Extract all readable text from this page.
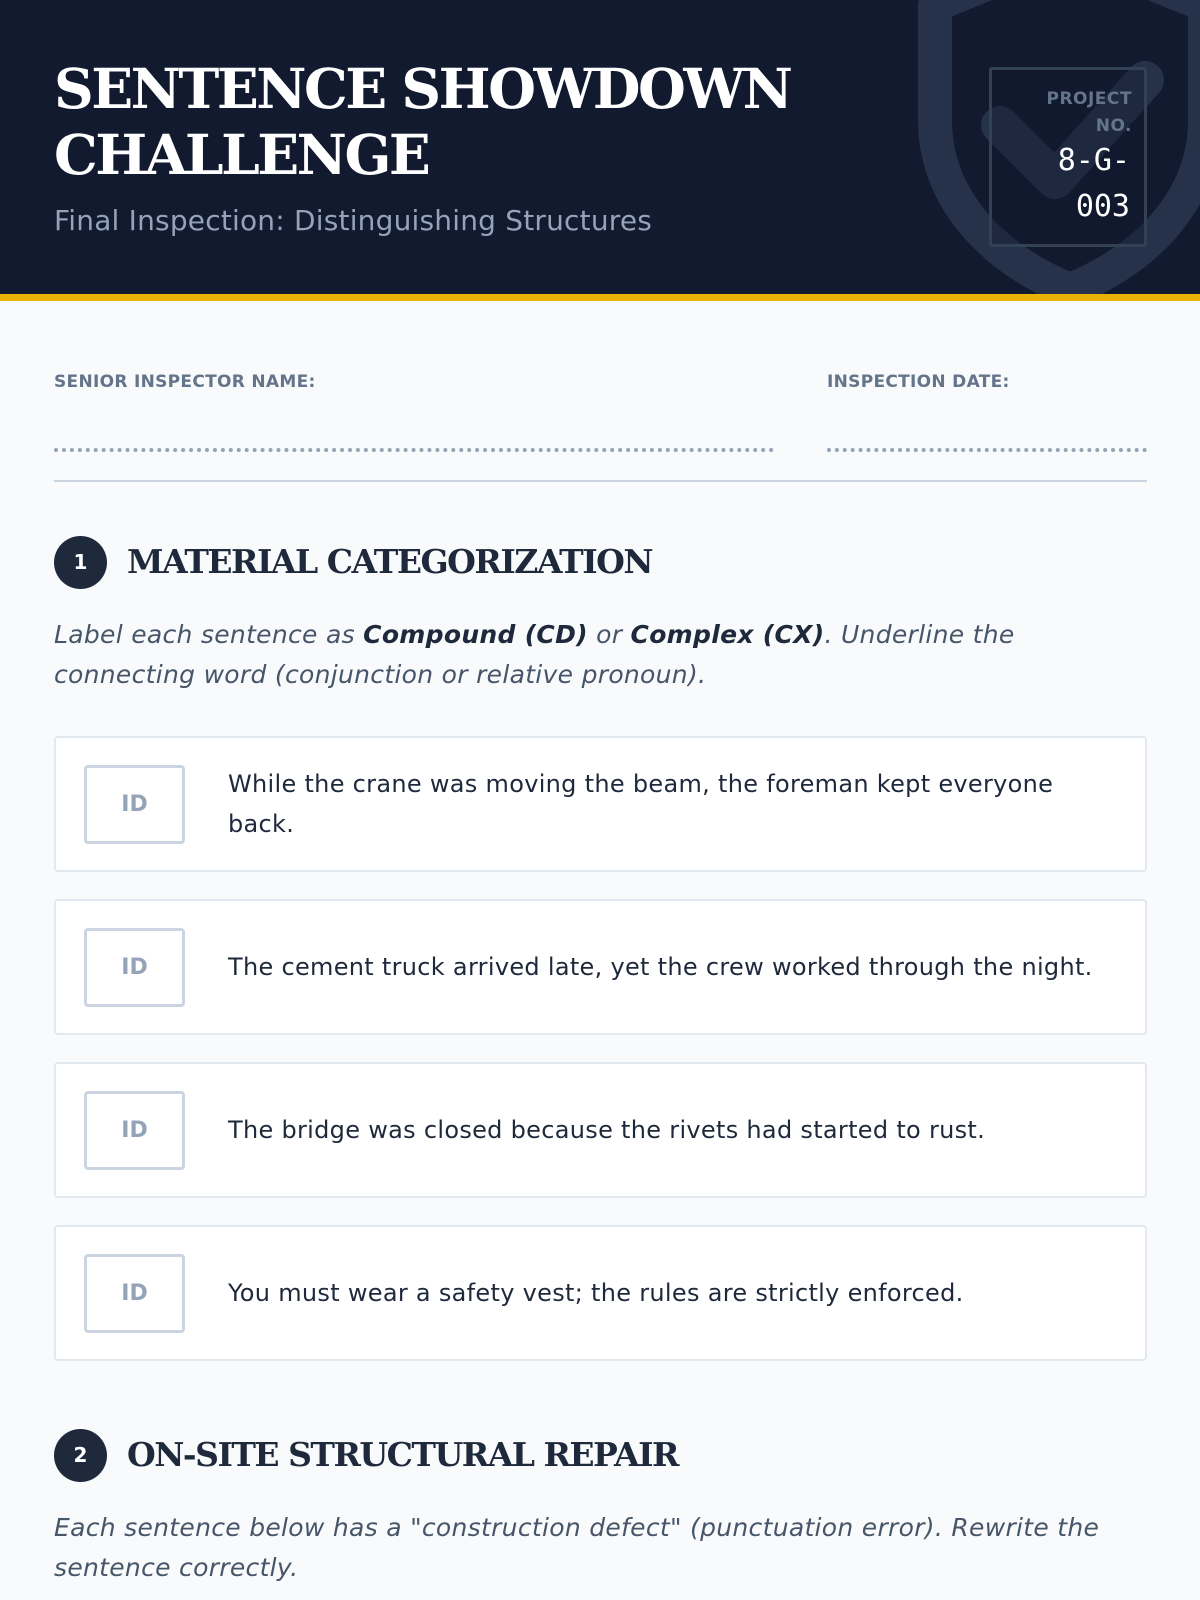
SENTENCE SHOWDOWN
CHALLENGE
Final Inspection: Distinguishing Structures
PROJECT
NO.
8-G-
003
SENIOR INSPECTOR NAME:	INSPECTION DATE:
1	MATERIAL CATEGORIZATION
Label each sentence as Compound (CD) or Complex (CX). Underline the connecting word (conjunction or relative pronoun).
ID
While the crane was moving the beam, the foreman kept everyone back.
ID	The cement truck arrived late, yet the crew worked through the night.
ID	The bridge was closed because the rivets had started to rust.
ID	You must wear a safety vest; the rules are strictly enforced.
2	ON-SITE STRUCTURAL REPAIR
Each sentence below has a "construction defect" (punctuation error). Rewrite the sentence correctly.
